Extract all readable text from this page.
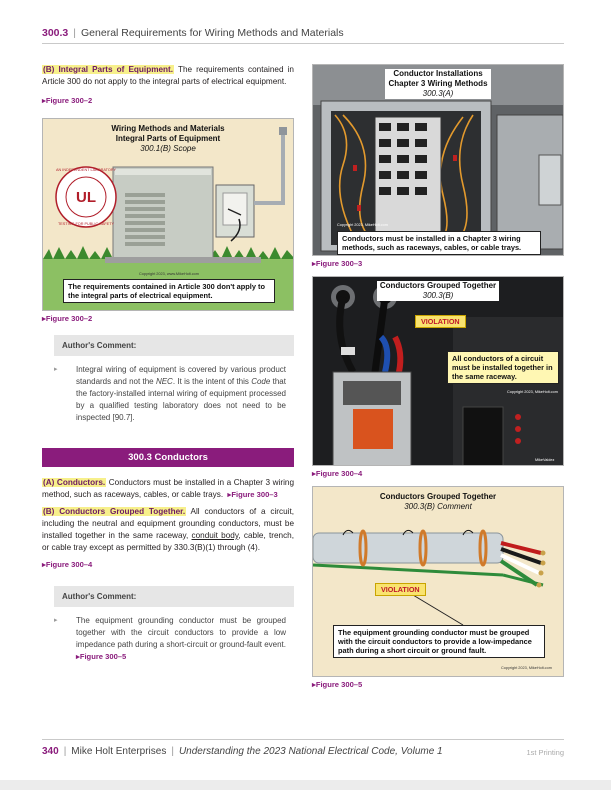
300.3 | General Requirements for Wiring Methods and Materials

(B) Integral Parts of Equipment. The requirements contained in Article 300 do not apply to the integral parts of electrical equipment.

▸Figure 300–2
Wiring Methods and Materials
Integral Parts of Equipment
300.1(B) Scope
UL
AN INDEPENDENT LABORATORY
TESTING FOR PUBLIC SAFETY
Copyright 2023, www.MikeHolt.com
The requirements contained in Article 300 don't apply to the integral parts of electrical equipment.
▸Figure 300–2
Author's Comment:
▸	Integral wiring of equipment is covered by various product standards and not the NEC. It is the intent of this Code that the factory-installed internal wiring of equipment processed by a qualified testing laboratory does not need to be inspected [90.7].
300.3 Conductors

(A) Conductors. Conductors must be installed in a Chapter 3 wiring method, such as raceways, cables, or cable trays.  ▸Figure 300–3

(B) Conductors Grouped Together. All conductors of a circuit, including the neutral and equipment grounding conductors, must be installed together in the same raceway, conduit body, cable, trench, or cable tray except as permitted by 330.3(B)(1) through (4).

▸Figure 300–4
Author's Comment:
▸	The equipment grounding conductor must be grouped together with the circuit conductors to provide a low impedance path during a short-circuit or ground-fault event. ▸Figure 300–5
Conductor Installations
Chapter 3 Wiring Methods
300.3(A)
Copyright 2023, MikeHolt.com
Conductors must be installed in a Chapter 3 wiring methods, such as raceways, cables, or cable trays.
▸Figure 300–3
Conductors Grouped Together
300.3(B)
VIOLATION
All conductors of a circuit must be installed together in the same raceway.
Copyright 2023, MikeHolt.com
MikeValdez
▸Figure 300–4
Conductors Grouped Together
300.3(B) Comment
VIOLATION
The equipment grounding conductor must be grouped with the circuit conductors to provide a low-impedance path during a short circuit or ground fault.
Copyright 2023, MikeHolt.com
▸Figure 300–5
340 | Mike Holt Enterprises | Understanding the 2023 National Electrical Code, Volume 1	1st Printing
